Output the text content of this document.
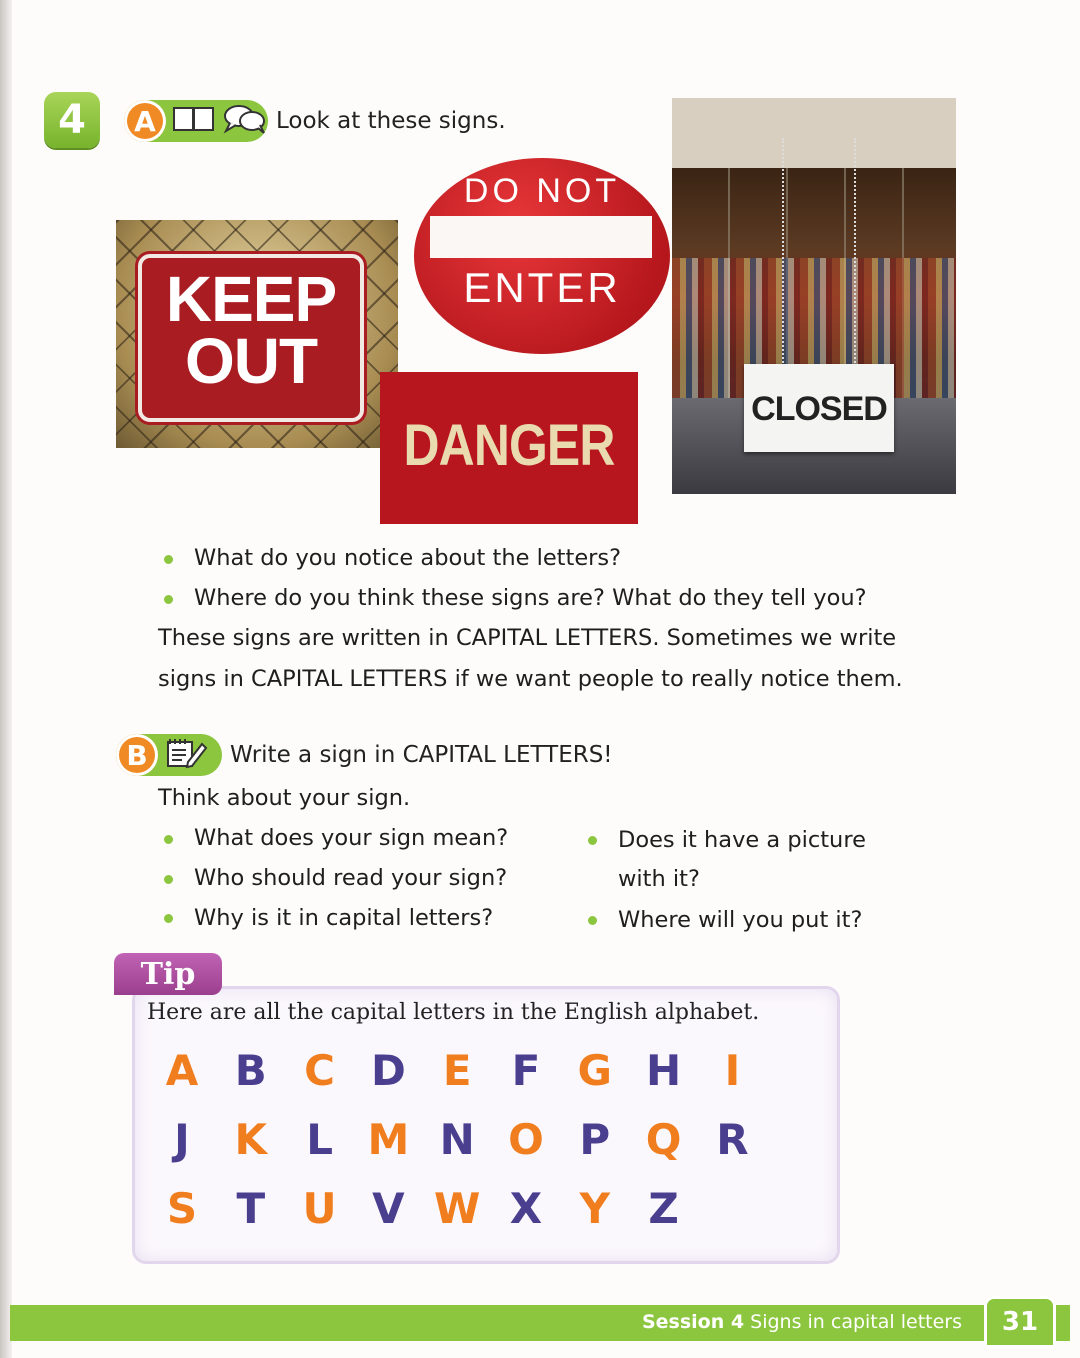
4	A	Look at these signs.
KEEP
OUT
DO NOT
ENTER
CLOSED
DANGER
What do you notice about the letters?
Where do you think these signs are? What do they tell you?
These signs are written in CAPITAL LETTERS. Sometimes we write
signs in CAPITAL LETTERS if we want people to really notice them.
B	Write a sign in CAPITAL LETTERS!
Think about your sign.
What does your sign mean?
Who should read your sign?
Why is it in capital letters?
Does it have a picture
with it?
Where will you put it?
Tip
Here are all the capital letters in the English alphabet.
A B C D E F G H	I
J	K L M N O P Q R
S T U V W X Y Z
Session 4 Signs in capital letters	31
